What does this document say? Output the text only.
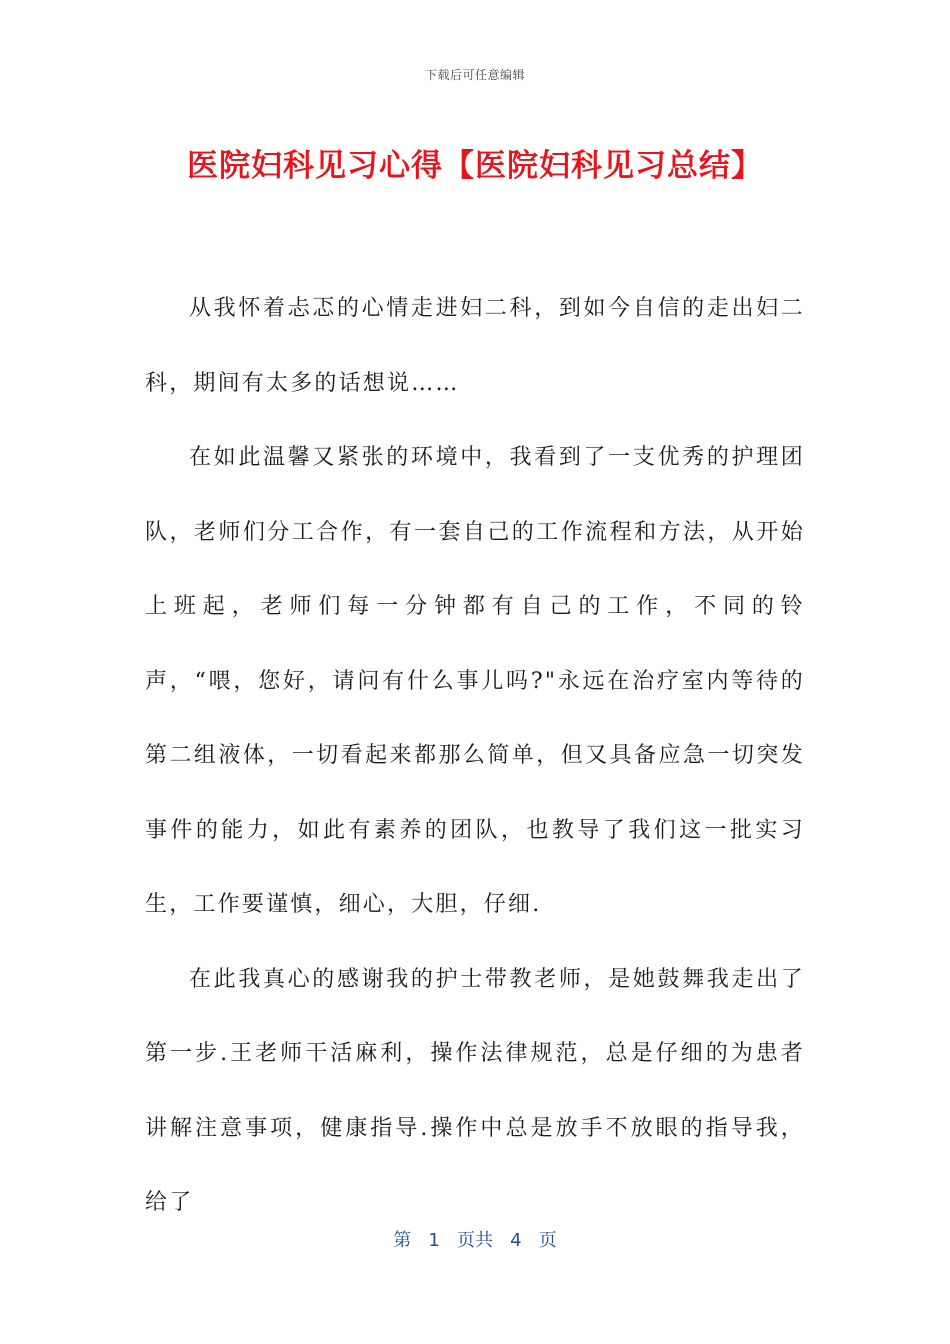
下载后可任意编辑
医院妇科见习心得【医院妇科见习总结】

从我怀着忐忑的心情走进妇二科，到如今自信的走出妇二科，期间有太多的话想说……

在如此温馨又紧张的环境中，我看到了一支优秀的护理团队，老师们分工合作，有一套自己的工作流程和方法，从开始上班起，老师们每一分钟都有自己的工作，不同的铃声，“喂，您好，请问有什么事儿吗?"永远在治疗室内等待的第二组液体，一切看起来都那么简单，但又具备应急一切突发事件的能力，如此有素养的团队，也教导了我们这一批实习生，工作要谨慎，细心，大胆，仔细.

在此我真心的感谢我的护士带教老师，是她鼓舞我走出了第一步.王老师干活麻利，操作法律规范，总是仔细的为患者讲解注意事项，健康指导.操作中总是放手不放眼的指导我，给了

第 1 页共 4 页
